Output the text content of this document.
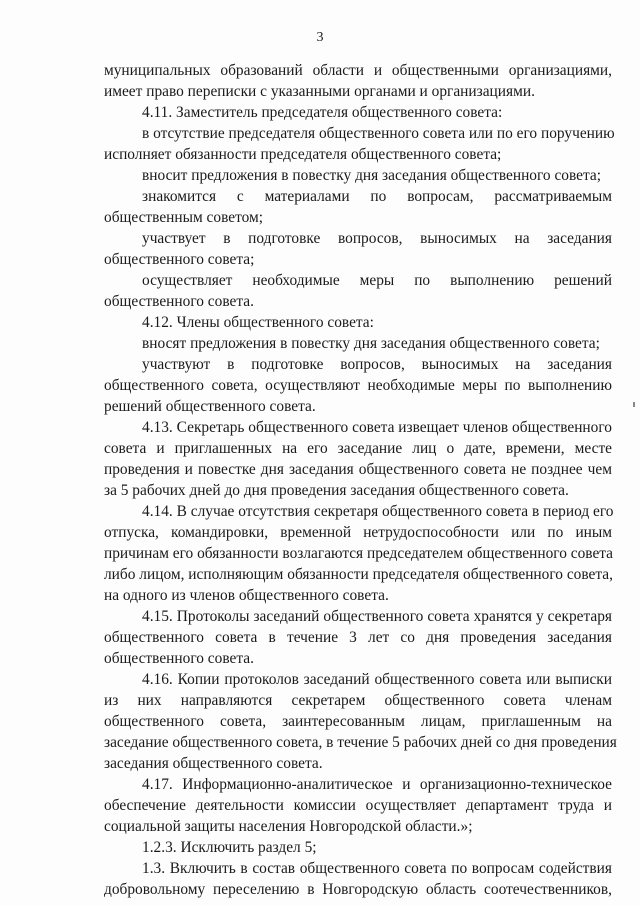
3
муниципальных образований области и общественными организациями,
имеет право переписки с указанными органами и организациями.
4.11. Заместитель председателя общественного совета:
в отсутствие председателя общественного совета или по его поручению
исполняет обязанности председателя общественного совета;
вносит предложения в повестку дня заседания общественного совета;
знакомится с материалами по вопросам, рассматриваемым
общественным советом;
участвует в подготовке вопросов, выносимых на заседания
общественного совета;
осуществляет необходимые меры по выполнению решений
общественного совета.
4.12. Члены общественного совета:
вносят предложения в повестку дня заседания общественного совета;
участвуют в подготовке вопросов, выносимых на заседания
общественного совета, осуществляют необходимые меры по выполнению
решений общественного совета.
4.13. Секретарь общественного совета извещает членов общественного
совета и приглашенных на его заседание лиц о дате, времени, месте
проведения и повестке дня заседания общественного совета не позднее чем
за 5 рабочих дней до дня проведения заседания общественного совета.
4.14. В случае отсутствия секретаря общественного совета в период его
отпуска, командировки, временной нетрудоспособности или по иным
причинам его обязанности возлагаются председателем общественного совета
либо лицом, исполняющим обязанности председателя общественного совета,
на одного из членов общественного совета.
4.15. Протоколы заседаний общественного совета хранятся у секретаря
общественного совета в течение 3 лет со дня проведения заседания
общественного совета.
4.16. Копии протоколов заседаний общественного совета или выписки
из них направляются секретарем общественного совета членам
общественного совета, заинтересованным лицам, приглашенным на
заседание общественного совета, в течение 5 рабочих дней со дня проведения
заседания общественного совета.
4.17. Информационно-аналитическое и организационно-техническое
обеспечение деятельности комиссии осуществляет департамент труда и
социальной защиты населения Новгородской области.»;
1.2.3. Исключить раздел 5;
1.3. Включить в состав общественного совета по вопросам содействия
добровольному переселению в Новгородскую область соотечественников,
